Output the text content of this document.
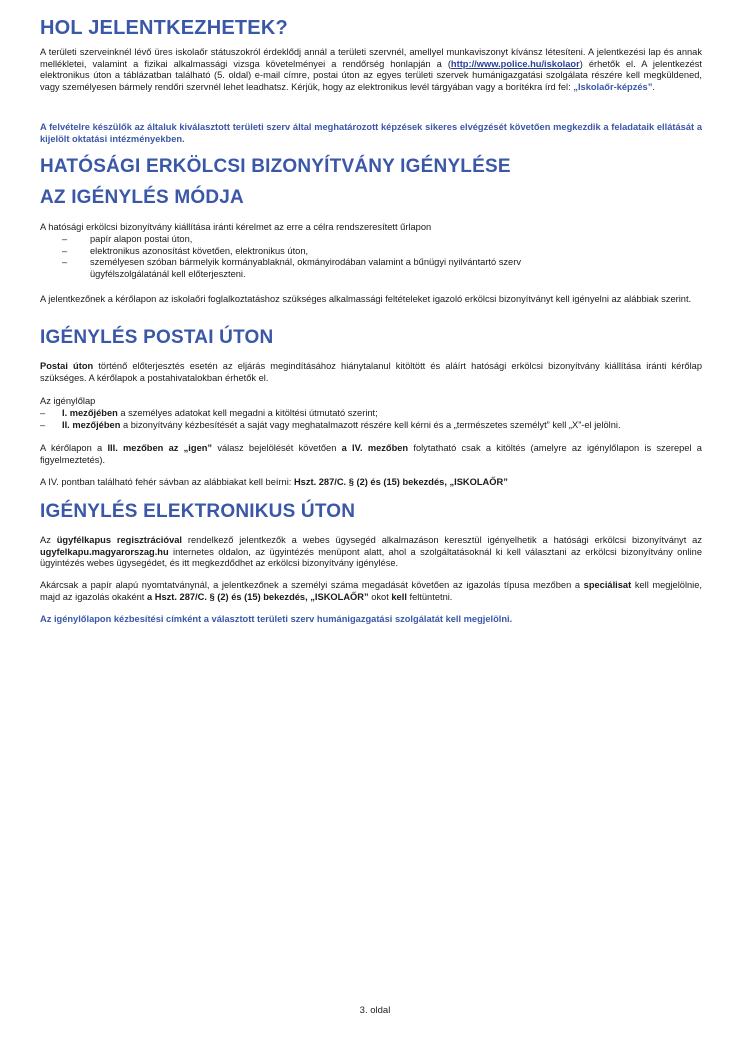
HOL JELENTKEZHETEK?

A területi szerveinknél lévő üres iskolaőr státuszokról érdeklődj annál a területi szervnél, amellyel munkaviszonyt kívánsz létesíteni. A jelentkezési lap és annak mellékletei, valamint a fizikai alkalmassági vizsga követelményei a rendőrség honlapján a (http://www.police.hu/iskolaor) érhetők el. A jelentkezést elektronikus úton a táblázatban található (5. oldal) e-mail címre, postai úton az egyes területi szervek humánigazgatási szolgálata részére kell megküldened, vagy személyesen bármely rendőri szervnél lehet leadhatsz. Kérjük, hogy az elektronikus levél tárgyában vagy a borítékra írd fel: „Iskolaőr-képzés”.

A felvételre készülők az általuk kiválasztott területi szerv által meghatározott képzések sikeres elvégzését követően megkezdik a feladataik ellátását a kijelölt oktatási intézményekben.

HATÓSÁGI ERKÖLCSI BIZONYÍTVÁNY IGÉNYLÉSE
AZ IGÉNYLÉS MÓDJA

A hatósági erkölcsi bizonyítvány kiállítása iránti kérelmet az erre a célra rendszeresített űrlapon

– papír alapon postai úton,
– elektronikus azonosítást követően, elektronikus úton,
– személyesen szóban bármelyik kormányablaknál, okmányirodában valamint a bűnügyi nyilvántartó szerv ügyfélszolgálatánál kell előterjeszteni.

A jelentkezőnek a kérőlapon az iskolaőri foglalkoztatáshoz szükséges alkalmassági feltételeket igazoló erkölcsi bizonyítványt kell igényelni az alábbiak szerint.

IGÉNYLÉS POSTAI ÚTON

Postai úton történő előterjesztés esetén az eljárás megindításához hiánytalanul kitöltött és aláírt hatósági erkölcsi bizonyítvány kiállítása iránti kérőlap szükséges. A kérőlapok a postahivatalokban érhetők el.

Az igénylőlap

– I. mezőjében a személyes adatokat kell megadni a kitöltési útmutató szerint;
– II. mezőjében a bizonyítvány kézbesítését a saját vagy meghatalmazott részére kell kérni és a „természetes személyt” kell „X”-el jelölni.

A kérőlapon a III. mezőben az „igen” válasz bejelölését követően a IV. mezőben folytatható csak a kitöltés (amelyre az igénylőlapon is szerepel a figyelmeztetés).

A IV. pontban található fehér sávban az alábbiakat kell beírni: Hszt. 287/C. § (2) és (15) bekezdés, „ISKOLAŐR”

IGÉNYLÉS ELEKTRONIKUS ÚTON

Az ügyfélkapus regisztrációval rendelkező jelentkezők a webes ügysegéd alkalmazáson keresztül igényelhetik a hatósági erkölcsi bizonyítványt az ugyfelkapu.magyarorszag.hu internetes oldalon, az ügyintézés menüpont alatt, ahol a szolgáltatásoknál ki kell választani az erkölcsi bizonyítvány online ügyintézés webes ügysegédet, és itt megkezdődhet az erkölcsi bizonyítvány igénylése.

Akárcsak a papír alapú nyomtatványnál, a jelentkezőnek a személyi száma megadását követően az igazolás típusa mezőben a speciálisat kell megjelölnie, majd az igazolás okaként a Hszt. 287/C. § (2) és (15) bekezdés, „ISKOLAŐR” okot kell feltüntetni.

Az igénylőlapon kézbesítési címként a választott területi szerv humánigazgatási szolgálatát kell megjelölni.

3. oldal
